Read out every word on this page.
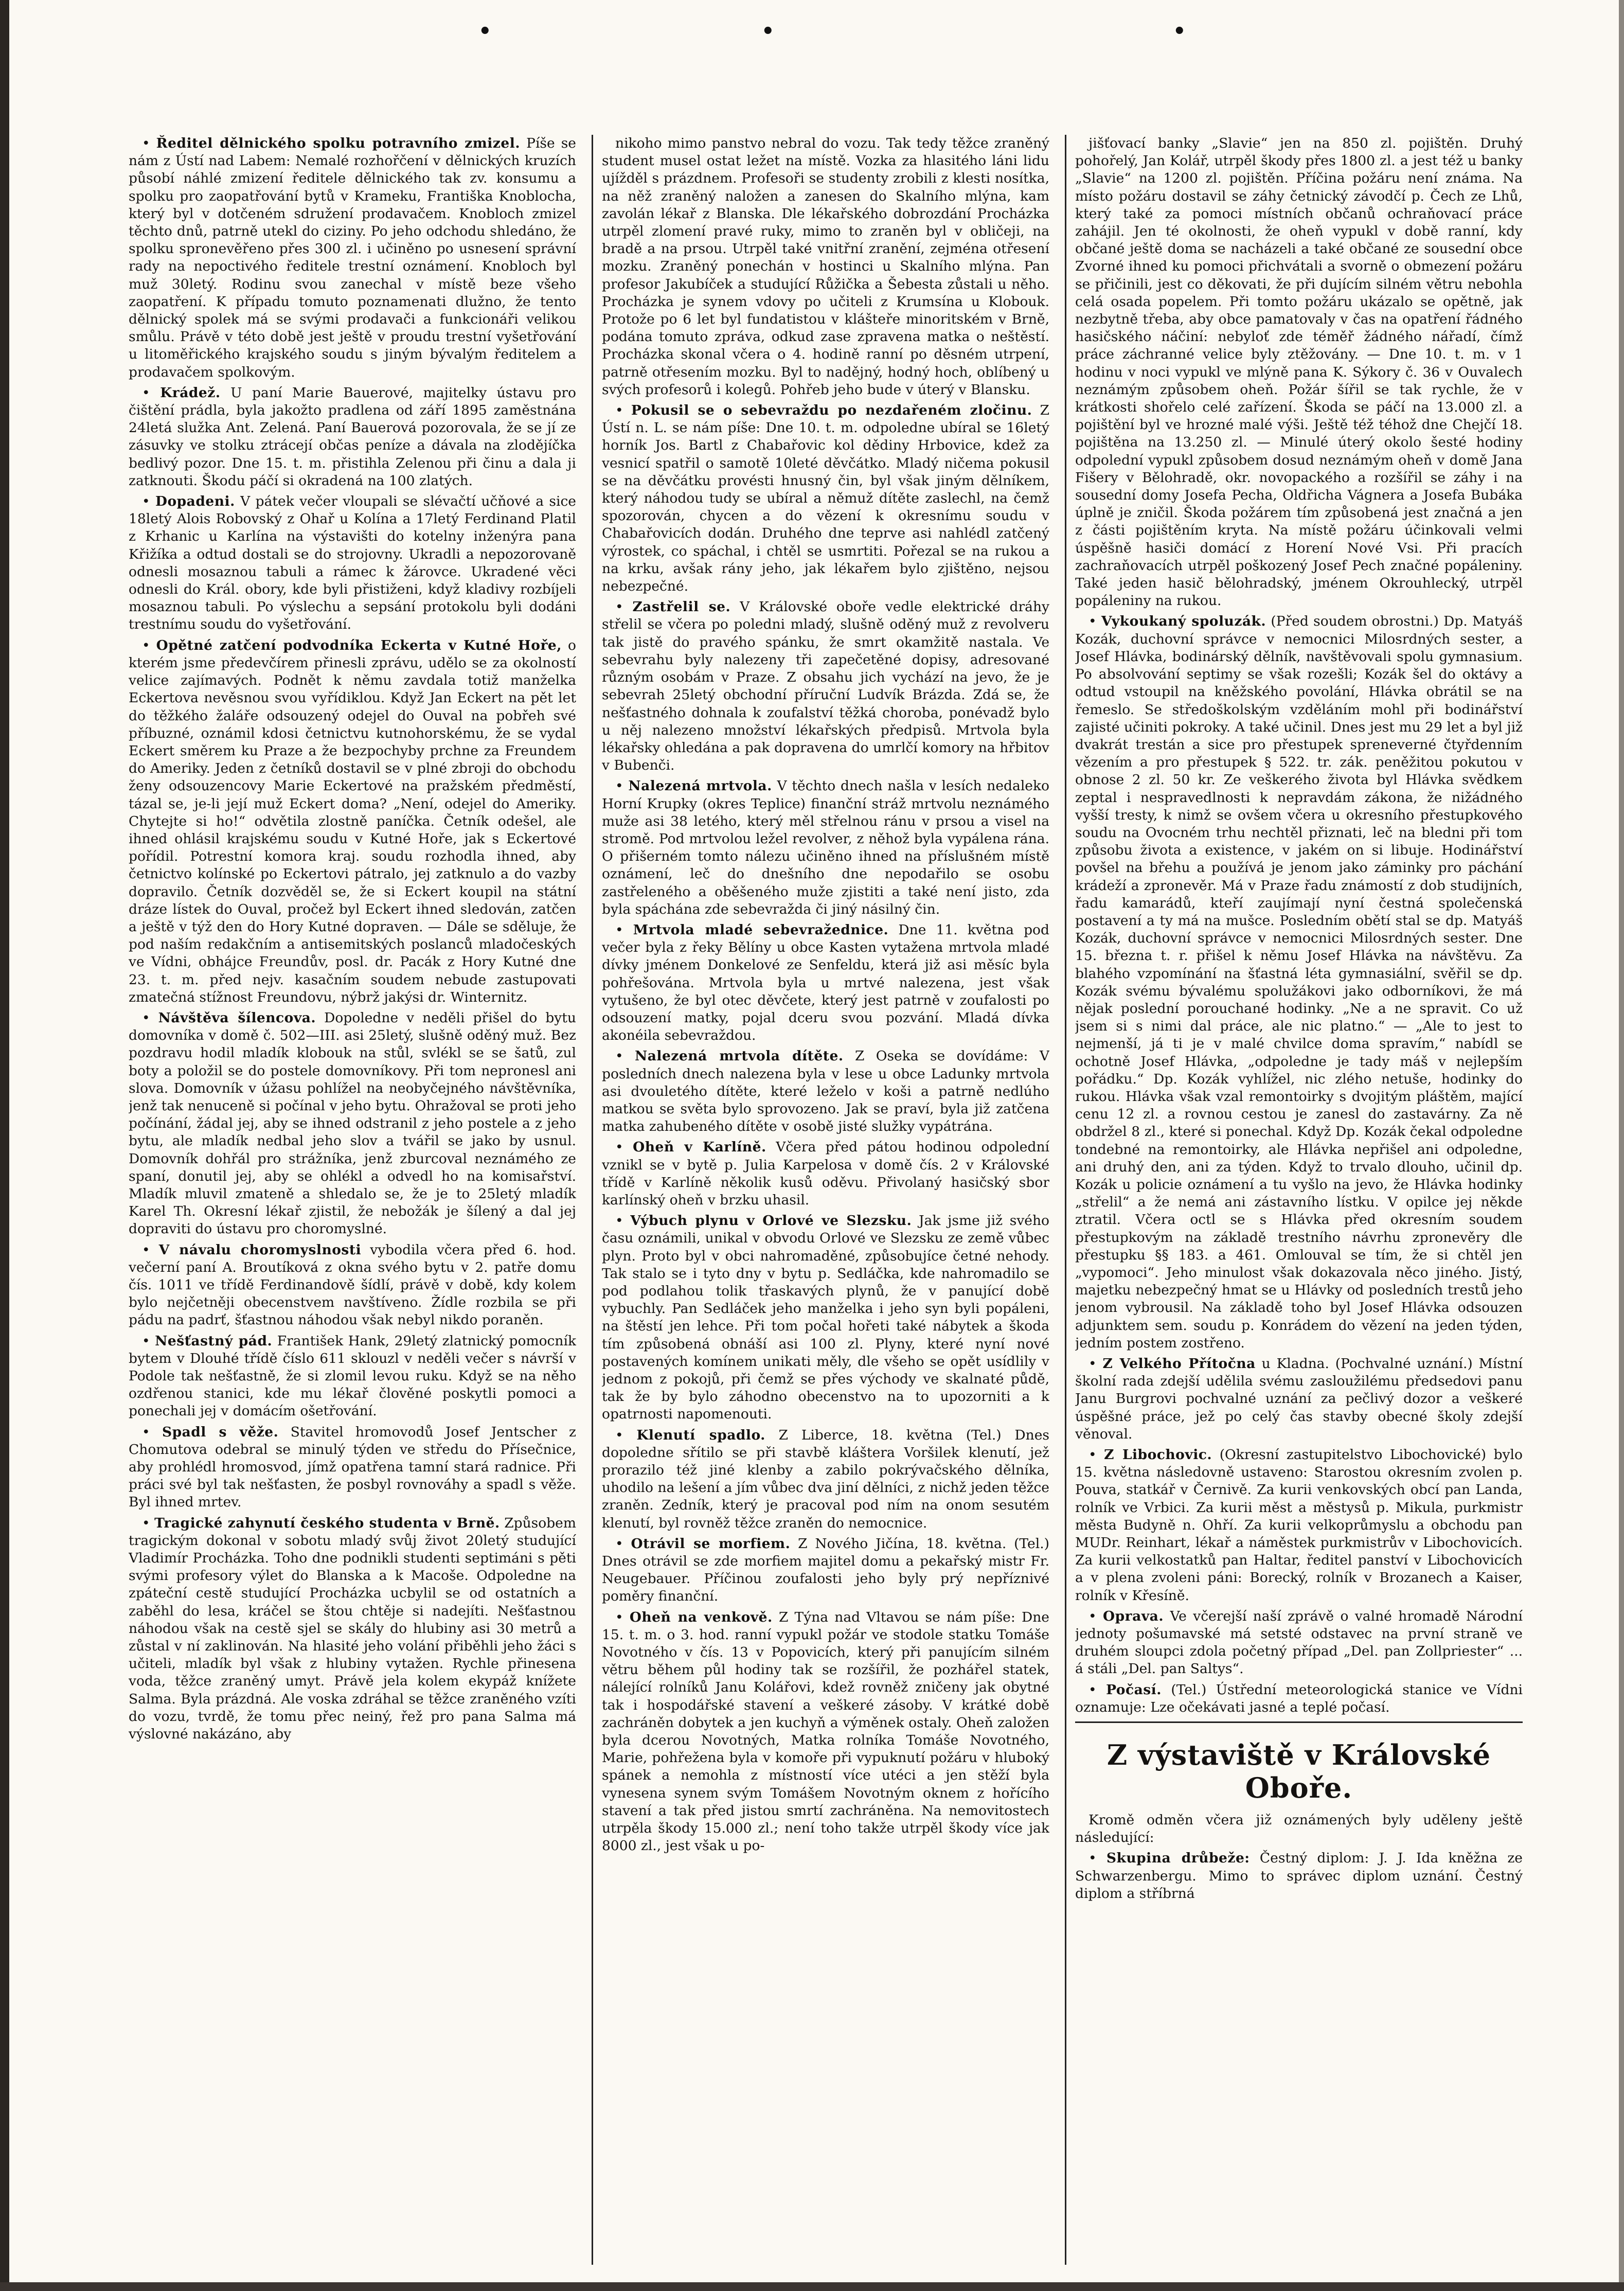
•	•	•

• Ředitel dělnického spolku potravního zmizel. Píše se nám z Ústí nad Labem: Nemalé rozhořčení v dělnických kruzích působí náhlé zmizení ředitele dělnického tak zv. konsumu a spolku pro zaopatřování bytů v Krameku, Františka Knoblocha, který byl v dotčeném sdružení prodavačem. Knobloch zmizel těchto dnů, patrně utekl do ciziny. Po jeho odchodu shledáno, že spolku spronevěřeno přes 300 zl. i učiněno po usnesení správní rady na nepoctivého ředitele trestní oznámení. Knobloch byl muž 30letý. Rodinu svou zanechal v místě beze všeho zaopatření. K případu tomuto poznamenati dlužno, že tento dělnický spolek má se svými prodavači a funkcionáři velikou smůlu. Právě v této době jest ještě v proudu trestní vyšetřování u litoměřického krajského soudu s jiným bývalým ředitelem a prodavačem spolkovým.

• Krádež. U paní Marie Bauerové, majitelky ústavu pro čištění prádla, byla jakožto pradlena od září 1895 zaměstnána 24letá služka Ant. Zelená. Paní Bauerová pozorovala, že se jí ze zásuvky ve stolku ztrácejí občas peníze a dávala na zlodějíčka bedlivý pozor. Dne 15. t. m. přistihla Zelenou při činu a dala ji zatknouti. Škodu páčí si okradená na 100 zlatých.

• Dopadeni. V pátek večer vloupali se slévačtí učňové a sice 18letý Alois Robovský z Ohař u Kolína a 17letý Ferdinand Platil z Krhanic u Karlína na výstavišti do kotelny inženýra pana Křižíka a odtud dostali se do strojovny. Ukradli a nepozorovaně odnesli mosaznou tabuli a rámec k žárovce. Ukradené věci odnesli do Král. obory, kde byli přistiženi, když kladivy rozbíjeli mosaznou tabuli. Po výslechu a sepsání protokolu byli dodáni trestnímu soudu do vyšetřování.

• Opětné zatčení podvodníka Eckerta v Kutné Hoře, o kterém jsme předevčírem přinesli zprávu, udělo se za okolností velice zajímavých. Podnět k němu zavdala totiž manželka Eckertova nevěsnou svou vyřídiklou. Když Jan Eckert na pět let do těžkého žaláře odsouzený odejel do Ouval na pobřeh své příbuzné, oznámil kdosi četnictvu kutnohorskému, že se vydal Eckert směrem ku Praze a že bezpochyby prchne za Freundem do Ameriky. Jeden z četníků dostavil se v plné zbroji do obchodu ženy odsouzencovy Marie Eckertové na pražském předměstí, tázal se, je-li její muž Eckert doma? „Není, odejel do Ameriky. Chytejte si ho!“ odvětila zlostně paníčka. Četník odešel, ale ihned ohlásil krajskému soudu v Kutné Hoře, jak s Eckertové pořídil. Potrestní komora kraj. soudu rozhodla ihned, aby četnictvo kolínské po Eckertovi pátralo, jej zatknulo a do vazby dopravilo. Četník dozvěděl se, že si Eckert koupil na státní dráze lístek do Ouval, pročež byl Eckert ihned sledován, zatčen a ještě v týž den do Hory Kutné dopraven. — Dále se sděluje, že pod naším redakčním a antisemitských poslanců mladočeských ve Vídni, obhájce Freundův, posl. dr. Pacák z Hory Kutné dne 23. t. m. před nejv. kasačním soudem nebude zastupovati zmatečná stížnost Freundovu, nýbrž jakýsi dr. Winternitz.

• Návštěva šílencova. Dopoledne v neděli přišel do bytu domovníka v domě č. 502—III. asi 25letý, slušně oděný muž. Bez pozdravu hodil mladík klobouk na stůl, svlékl se se šatů, zul boty a položil se do postele domovníkovy. Při tom nepronesl ani slova. Domovník v úžasu pohlížel na neobyčejného návštěvníka, jenž tak nenuceně si počínal v jeho bytu. Ohražoval se proti jeho počínání, žádal jej, aby se ihned odstranil z jeho postele a z jeho bytu, ale mladík nedbal jeho slov a tvářil se jako by usnul. Domovník dohřál pro strážníka, jenž zburcoval neznámého ze spaní, donutil jej, aby se ohlékl a odvedl ho na komisařství. Mladík mluvil zmateně a shledalo se, že je to 25letý mladík Karel Th. Okresní lékař zjistil, že nebožák je šílený a dal jej dopraviti do ústavu pro choromyslné.

• V návalu choromyslnosti vybodila včera před 6. hod. večerní paní A. Broutíková z okna svého bytu v 2. patře domu čís. 1011 ve třídě Ferdinandově šídlí, právě v době, kdy kolem bylo nejčetněji obecenstvem navštíveno. Žídle rozbila se při pádu na padrť, šťastnou náhodou však nebyl nikdo poraněn.

• Nešťastný pád. František Hank, 29letý zlatnický pomocník bytem v Dlouhé třídě číslo 611 sklouzl v neděli večer s návrší v Podole tak nešťastně, že si zlomil levou ruku. Když se na něho ozdřenou stanici, kde mu lékař člověné poskytli pomoci a ponechali jej v domácím ošetřování.

• Spadl s věže. Stavitel hromovodů Josef Jentscher z Chomutova odebral se minulý týden ve středu do Přísečnice, aby prohlédl hromosvod, jímž opatřena tamní stará radnice. Při práci své byl tak nešťasten, že posbyl rovnováhy a spadl s věže. Byl ihned mrtev.

• Tragické zahynutí českého studenta v Brně. Způsobem tragickým dokonal v sobotu mladý svůj život 20letý studující Vladimír Procházka. Toho dne podnikli studenti septimáni s pěti svými profesory výlet do Blanska a k Macoše. Odpoledne na zpáteční cestě studující Procházka ucbylil se od ostatních a zaběhl do lesa, kráčel se štou chtěje si nadejíti. Nešťastnou náhodou však na cestě sjel se skály do hlubiny asi 30 metrů a zůstal v ní zaklinován. Na hlasité jeho volání přiběhli jeho žáci s učiteli, mladík byl však z hlubiny vytažen. Rychle přinesena voda, těžce zraněný umyt. Právě jela kolem ekypáž knížete Salma. Byla prázdná. Ale voska zdráhal se těžce zraněného vzíti do vozu, tvrdě, že tomu přec neiný, řež pro pana Salma má výslovné nakázáno, aby

nikoho mimo panstvo nebral do vozu. Tak tedy těžce zraněný student musel ostat ležet na místě. Vozka za hlasitého láni lidu ujížděl s prázdnem. Profesoři se studenty zrobili z klesti nosítka, na něž zraněný naložen a zanesen do Skalního mlýna, kam zavolán lékař z Blanska. Dle lékařského dobrozdání Procházka utrpěl zlomení pravé ruky, mimo to zraněn byl v obličeji, na bradě a na prsou. Utrpěl také vnitřní zranění, zejména otřesení mozku. Zraněný ponechán v hostinci u Skalního mlýna. Pan profesor Jakubíček a studující Růžička a Šebesta zůstali u něho. Procházka je synem vdovy po učiteli z Krumsína u Klobouk. Protože po 6 let byl fundatistou v klášteře minoritském v Brně, podána tomuto zpráva, odkud zase zpravena matka o neštěstí. Procházka skonal včera o 4. hodině ranní po děsném utrpení, patrně otřesením mozku. Byl to nadějný, hodný hoch, oblíbený u svých profesorů i kolegů. Pohřeb jeho bude v úterý v Blansku.

• Pokusil se o sebevraždu po nezdařeném zločinu. Z Ústí n. L. se nám píše: Dne 10. t. m. odpoledne ubíral se 16letý horník Jos. Bartl z Chabařovic kol dědiny Hrbovice, kdež za vesnicí spatřil o samotě 10leté děvčátko. Mladý ničema pokusil se na děvčátku provésti hnusný čin, byl však jiným dělníkem, který náhodou tudy se ubíral a němuž dítěte zaslechl, na čemž spozorován, chycen a do vězení k okresnímu soudu v Chabařovicích dodán. Druhého dne teprve asi nahlédl zatčený výrostek, co spáchal, i chtěl se usmrtiti. Pořezal se na rukou a na krku, avšak rány jeho, jak lékařem bylo zjištěno, nejsou nebezpečné.

• Zastřelil se. V Královské oboře vedle elektrické dráhy střelil se včera po poledni mladý, slušně oděný muž z revolveru tak jistě do pravého spánku, že smrt okamžitě nastala. Ve sebevrahu byly nalezeny tři zapečetěné dopisy, adresované různým osobám v Praze. Z obsahu jich vychází na jevo, že je sebevrah 25letý obchodní příruční Ludvík Brázda. Zdá se, že nešťastného dohnala k zoufalství těžká choroba, ponévadž bylo u něj nalezeno množství lékařských předpisů. Mrtvola byla lékařsky ohledána a pak dopravena do umrlčí komory na hřbitov v Bubenči.

• Nalezená mrtvola. V těchto dnech našla v lesích nedaleko Horní Krupky (okres Teplice) finanční stráž mrtvolu neznámého muže asi 38 letého, který měl střelnou ránu v prsou a visel na stromě. Pod mrtvolou ležel revolver, z něhož byla vypálena rána. O přišerném tomto nálezu učiněno ihned na příslušném místě oznámení, leč do dnešního dne nepodařilo se osobu zastřeleného a oběšeného muže zjistiti a také není jisto, zda byla spáchána zde sebevražda či jiný násilný čin.

• Mrtvola mladé sebevražednice. Dne 11. května pod večer byla z řeky Bělíny u obce Kasten vytažena mrtvola mladé dívky jménem Donkelové ze Senfeldu, která již asi měsíc byla pohřešována. Mrtvola byla u mrtvé nalezena, jest však vytušeno, že byl otec děvčete, který jest patrně v zoufalosti po odsouzení matky, pojal dceru svou pozvání. Mladá dívka akonéila sebevraždou.

• Nalezená mrtvola dítěte. Z Oseka se dovídáme: V posledních dnech nalezena byla v lese u obce Ladunky mrtvola asi dvouletého dítěte, které leželo v koši a patrně nedlúho matkou se světa bylo sprovozeno. Jak se praví, byla již zatčena matka zahubeného dítěte v osobě jisté služky vypátrána.

• Oheň v Karlíně. Včera před pátou hodinou odpolední vznikl se v bytě p. Julia Karpelosa v domě čís. 2 v Královské třídě v Karlíně několik kusů oděvu. Přivolaný hasičský sbor karlínský oheň v brzku uhasil.

• Výbuch plynu v Orlové ve Slezsku. Jak jsme již svého času oznámili, unikal v obvodu Orlové ve Slezsku ze země vůbec plyn. Proto byl v obci nahromaděné, způsobujíce četné nehody. Tak stalo se i tyto dny v bytu p. Sedláčka, kde nahromadilo se pod podlahou tolik třaskavých plynů, že v panující době vybuchly. Pan Sedláček jeho manželka i jeho syn byli popáleni, na štěstí jen lehce. Při tom počal hořeti také nábytek a škoda tím způsobená obnáší asi 100 zl. Plyny, které nyní nové postavených komínem unikati měly, dle všeho se opět usídlily v jednom z pokojů, při čemž se přes východy ve skalnaté půdě, tak že by bylo záhodno obecenstvo na to upozorniti a k opatrnosti napomenouti.

• Klenutí spadlo. Z Liberce, 18. května (Tel.) Dnes dopoledne sřítilo se při stavbě kláštera Voršilek klenutí, jež prorazilo též jiné klenby a zabilo pokrývačského dělníka, uhodilo na lešení a jím vůbec dva jiní dělníci, z nichž jeden těžce zraněn. Zedník, který je pracoval pod ním na onom sesutém klenutí, byl rovněž těžce zraněn do nemocnice.

• Otrávil se morfiem. Z Nového Jičína, 18. května. (Tel.) Dnes otrávil se zde morfiem majitel domu a pekařský mistr Fr. Neugebauer. Příčinou zoufalosti jeho byly prý nepříznivé poměry finanční.

• Oheň na venkově. Z Týna nad Vltavou se nám píše: Dne 15. t. m. o 3. hod. ranní vypukl požár ve stodole statku Tomáše Novotného v čís. 13 v Popovicích, který při panujícím silném větru během půl hodiny tak se rozšířil, že pozhářel statek, nálející rolníků Janu Kolářovi, kdež rovněž zničeny jak obytné tak i hospodářské stavení a veškeré zásoby. V krátké době zachráněn dobytek a jen kuchyň a výměnek ostaly. Oheň založen byla dcerou Novotných, Matka rolníka Tomáše Novotného, Marie, pohřežena byla v komoře při vypuknutí požáru v hluboký spánek a nemohla z místností více utéci a jen stěží byla vynesena synem svým Tomášem Novotným oknem z hořícího stavení a tak před jistou smrtí zachráněna. Na nemovitostech utrpěla škody 15.000 zl.; není toho takže utrpěl škody více jak 8000 zl., jest však u po-

jišťovací banky „Slavie“ jen na 850 zl. pojištěn. Druhý pohořelý, Jan Kolář, utrpěl škody přes 1800 zl. a jest též u banky „Slavie“ na 1200 zl. pojištěn. Příčina požáru není známa. Na místo požáru dostavil se záhy četnický závodčí p. Čech ze Lhů, který také za pomoci místních občanů ochraňovací práce zahájil. Jen té okolnosti, že oheň vypukl v době ranní, kdy občané ještě doma se nacházeli a také občané ze sousední obce Zvorné ihned ku pomoci přichvátali a svorně o obmezení požáru se přičinili, jest co děkovati, že při dujícím silném větru nebohla celá osada popelem. Při tomto požáru ukázalo se opětně, jak nezbytně třeba, aby obce pamatovaly v čas na opatření řádného hasičského náčiní: nebyloť zde téměř žádného nářadí, čímž práce záchranné velice byly ztěžovány. — Dne 10. t. m. v 1 hodinu v noci vypukl ve mlýně pana K. Sýkory č. 36 v Ouvalech neznámým způsobem oheň. Požár šířil se tak rychle, že v krátkosti shořelo celé zařízení. Škoda se páčí na 13.000 zl. a pojištění byl ve hrozné malé výši. Ještě též téhož dne Chejčí 18. pojištěna na 13.250 zl. — Minulé úterý okolo šesté hodiny odpolední vypukl způsobem dosud neznámým oheň v domě Jana Fišery v Bělohradě, okr. novopackého a rozšířil se záhy i na sousední domy Josefa Pecha, Oldřicha Vágnera a Josefa Bubáka úplně je zničil. Škoda požárem tím způsobená jest značná a jen z části pojištěním kryta. Na místě požáru účinkovali velmi úspěšně hasiči domácí z Horení Nové Vsi. Při pracích zachraňovacích utrpěl poškozený Josef Pech značné popáleniny. Také jeden hasič bělohradský, jménem Okrouhlecký, utrpěl popáleniny na rukou.

• Vykoukaný spoluzák. (Před soudem obrostni.) Dp. Matyáš Kozák, duchovní správce v nemocnici Milosrdných sester, a Josef Hlávka, bodinárský dělník, navštěvovali spolu gymnasium. Po absolvování septimy se však rozešli; Kozák šel do oktávy a odtud vstoupil na kněžského povolání, Hlávka obrátil se na řemeslo. Se středoškolským vzděláním mohl při bodinářství zajisté učiniti pokroky. A také učinil. Dnes jest mu 29 let a byl již dvakrát trestán a sice pro přestupek spreneverné čtyřdenním vězením a pro přestupek § 522. tr. zák. peněžitou pokutou v obnose 2 zl. 50 kr. Ze veškerého života byl Hlávka svědkem zeptal i nespravedlnosti k nepravdám zákona, že nižádného vyšší tresty, k nimž se ovšem včera u okresního přestupkového soudu na Ovocném trhu nechtěl přiznati, leč na bledni při tom způsobu života a existence, v jakém on si libuje. Hodinářství povšel na břehu a používá je jenom jako záminky pro páchání krádeží a zpronevěr. Má v Praze řadu známostí z dob studijních, řadu kamarádů, kteří zaujímají nyní čestná společenská postavení a ty má na mušce. Posledním obětí stal se dp. Matyáš Kozák, duchovní správce v nemocnici Milosrdných sester. Dne 15. března t. r. přišel k němu Josef Hlávka na návštěvu. Za blahého vzpomínání na šťastná léta gymnasiální, svěřil se dp. Kozák svému bývalému spolužákovi jako odborníkovi, že má nějak poslední porouchané hodinky. „Ne a ne spravit. Co už jsem si s nimi dal práce, ale nic platno.“ — „Ale to jest to nejmenší, já ti je v malé chvilce doma spravím,“ nabídl se ochotně Josef Hlávka, „odpoledne je tady máš v nejlepším pořádku.“ Dp. Kozák vyhlížel, nic zlého netuše, hodinky do rukou. Hlávka však vzal remontoirky s dvojitým pláštěm, mající cenu 12 zl. a rovnou cestou je zanesl do zastavárny. Za ně obdržel 8 zl., které si ponechal. Když Dp. Kozák čekal odpoledne tondebné na remontoirky, ale Hlávka nepřišel ani odpoledne, ani druhý den, ani za týden. Když to trvalo dlouho, učinil dp. Kozák u policie oznámení a tu vyšlo na jevo, že Hlávka hodinky „střelil“ a že nemá ani zástavního lístku. V opilce jej někde ztratil. Včera octl se s Hlávka před okresním soudem přestupkovým na základě trestního návrhu zpronevěry dle přestupku §§ 183. a 461. Omlouval se tím, že si chtěl jen „vypomoci“. Jeho minulost však dokazovala něco jiného. Jistý, majetku nebezpečný hmat se u Hlávky od posledních trestů jeho jenom vybrousil. Na základě toho byl Josef Hlávka odsouzen adjunktem sem. soudu p. Konrádem do vězení na jeden týden, jedním postem zostřeno.

• Z Velkého Přítočna u Kladna. (Pochvalné uznání.) Místní školní rada zdejší udělila svému zasloužilému předsedovi panu Janu Burgrovi pochvalné uznání za pečlivý dozor a veškeré úspěšné práce, jež po celý čas stavby obecné školy zdejší věnoval.

• Z Libochovic. (Okresní zastupitelstvo Libochovické) bylo 15. května následovně ustaveno: Starostou okresním zvolen p. Pouva, statkář v Černivě. Za kurii venkovských obcí pan Landa, rolník ve Vrbici. Za kurii měst a městysů p. Mikula, purkmistr města Budyně n. Ohří. Za kurii velkoprůmyslu a obchodu pan MUDr. Reinhart, lékař a náměstek purkmistrův v Libochovicích. Za kurii velkostatků pan Haltar, ředitel panství v Libochovicích a v plena zvoleni páni: Borecký, rolník v Brozanech a Kaiser, rolník v Křesíně.

• Oprava. Ve včerejší naší zprávě o valné hromadě Národní jednoty pošumavské má setsté odstavec na první straně ve druhém sloupci zdola početný případ „Del. pan Zollpriester“ ... á stáli „Del. pan Saltys“.

• Počasí. (Tel.) Ústřední meteorologická stanice ve Vídni oznamuje: Lze očekávati jasné a teplé počasí.

Z výstaviště v Královské Oboře.

Kromě odměn včera již oznámených byly uděleny ještě následující:

• Skupina drůbeže: Čestný diplom: J. J. Ida kněžna ze Schwarzenbergu. Mimo to správec diplom uznání. Čestný diplom a stříbrná
